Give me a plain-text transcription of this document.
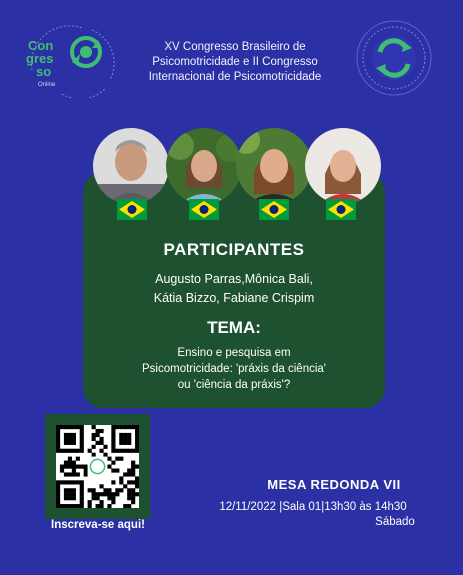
Con
gres
so
Online
XV Congresso Brasileiro de
Psicomotricidade e II Congresso
Internacional de Psicomotricidade
PARTICIPANTES
Augusto Parras,Mônica Bali,
Kátia Bizzo, Fabiane Crispim
TEMA:
Ensino e pesquisa em
Psicomotricidade: 'práxis da ciência'
ou 'ciência da práxis'?
Inscreva-se aqui!
MESA REDONDA VII
12/11/2022 |Sala 01|13h30 às 14h30
Sábado
